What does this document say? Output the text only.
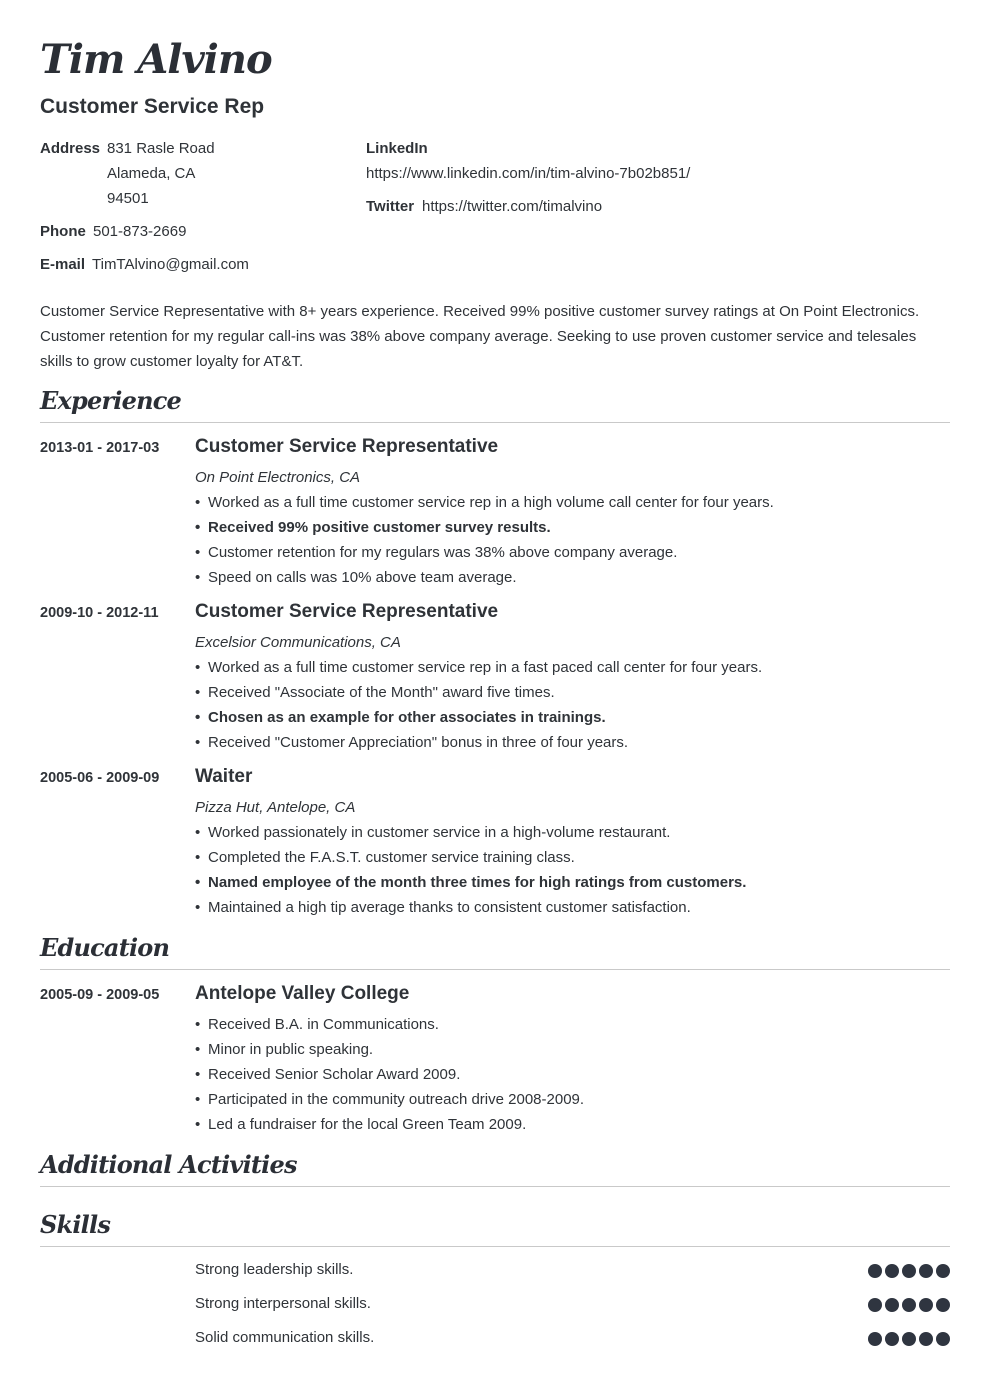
Tim Alvino
Customer Service Rep
Address 831 Rasle Road
Alameda, CA
94501
Phone 501-873-2669
E-mail TimTAlvino@gmail.com
LinkedIn
https://www.linkedin.com/in/tim-alvino-7b02b851/
Twitter https://twitter.com/timalvino

Customer Service Representative with 8+ years experience. Received 99% positive customer survey ratings at On Point Electronics. Customer retention for my regular call-ins was 38% above company average. Seeking to use proven customer service and telesales skills to grow customer loyalty for AT&T.

Experience
2013-01 - 2017-03 Customer Service Representative
On Point Electronics, CA
• Worked as a full time customer service rep in a high volume call center for four years.
• Received 99% positive customer survey results.
• Customer retention for my regulars was 38% above company average.
• Speed on calls was 10% above team average.
2009-10 - 2012-11 Customer Service Representative
Excelsior Communications, CA
• Worked as a full time customer service rep in a fast paced call center for four years.
• Received "Associate of the Month" award five times.
• Chosen as an example for other associates in trainings.
• Received "Customer Appreciation" bonus in three of four years.
2005-06 - 2009-09 Waiter
Pizza Hut, Antelope, CA
• Worked passionately in customer service in a high-volume restaurant.
• Completed the F.A.S.T. customer service training class.
• Named employee of the month three times for high ratings from customers.
• Maintained a high tip average thanks to consistent customer satisfaction.
Education
2005-09 - 2009-05 Antelope Valley College
• Received B.A. in Communications.
• Minor in public speaking.
• Received Senior Scholar Award 2009.
• Participated in the community outreach drive 2008-2009.
• Led a fundraiser for the local Green Team 2009.
Additional Activities
Skills
Strong leadership skills.
Strong interpersonal skills.
Solid communication skills.
